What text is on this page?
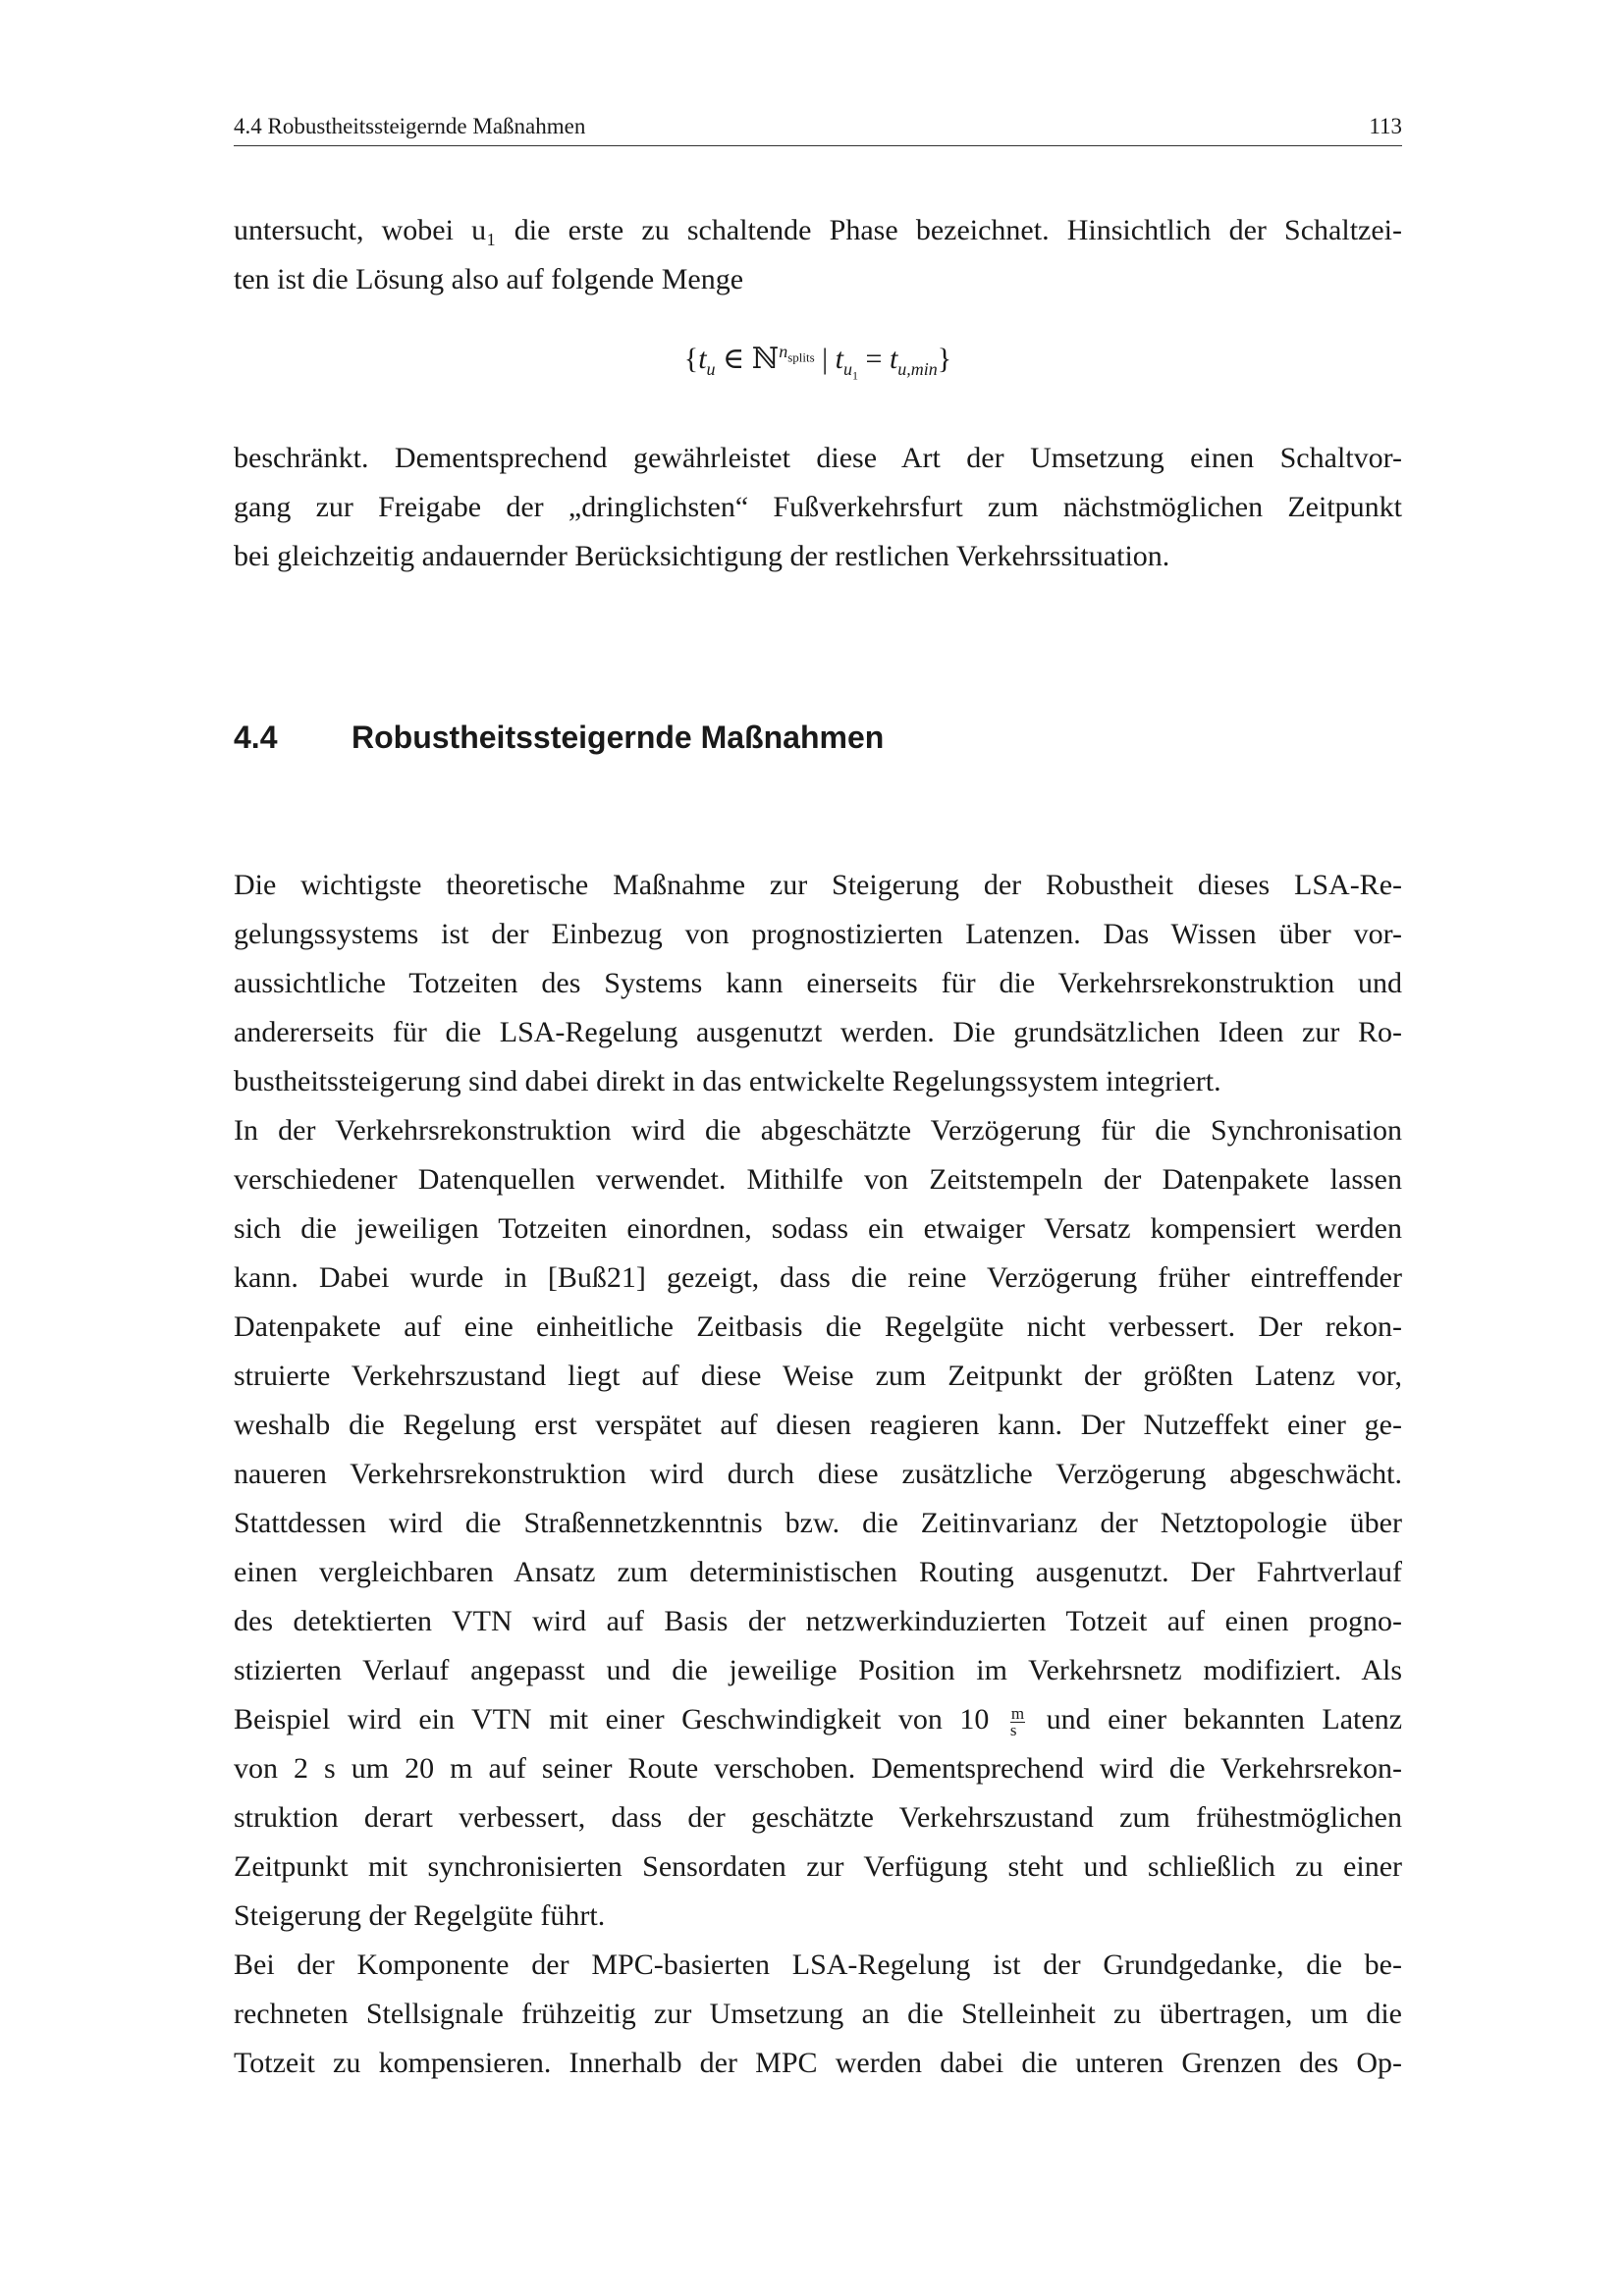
4.4 Robustheitssteigernde Maßnahmen	113
untersucht, wobei u₁ die erste zu schaltende Phase bezeichnet. Hinsichtlich der Schaltzei-
ten ist die Lösung also auf folgende Menge
{$t_u$ ∈ ℕ$^{n_{splits}}$ | $t_{u_1} = t_{u,min}$}
beschränkt. Dementsprechend gewährleistet diese Art der Umsetzung einen Schaltvor-
gang zur Freigabe der „dringlichsten“ Fußverkehrsfurt zum nächstmöglichen Zeitpunkt
bei gleichzeitig andauernder Berücksichtigung der restlichen Verkehrssituation.
4.4 Robustheitssteigernde Maßnahmen
Die wichtigste theoretische Maßnahme zur Steigerung der Robustheit dieses LSA-Re-
gelungssystems ist der Einbezug von prognostizierten Latenzen. Das Wissen über vor-
aussichtliche Totzeiten des Systems kann einerseits für die Verkehrsrekonstruktion und
andererseits für die LSA-Regelung ausgenutzt werden. Die grundsätzlichen Ideen zur Ro-
bustheitssteigerung sind dabei direkt in das entwickelte Regelungssystem integriert.
In der Verkehrsrekonstruktion wird die abgeschätzte Verzögerung für die Synchronisation
verschiedener Datenquellen verwendet. Mithilfe von Zeitstempeln der Datenpakete lassen
sich die jeweiligen Totzeiten einordnen, sodass ein etwaiger Versatz kompensiert werden
kann. Dabei wurde in [Buß21] gezeigt, dass die reine Verzögerung früher eintreffender
Datenpakete auf eine einheitliche Zeitbasis die Regelgüte nicht verbessert. Der rekon-
struierte Verkehrszustand liegt auf diese Weise zum Zeitpunkt der größten Latenz vor,
weshalb die Regelung erst verspätet auf diesen reagieren kann. Der Nutzeffekt einer ge-
naueren Verkehrsrekonstruktion wird durch diese zusätzliche Verzögerung abgeschwächt.
Stattdessen wird die Straßennetzkenntnis bzw. die Zeitinvarianz der Netztopologie über
einen vergleichbaren Ansatz zum deterministischen Routing ausgenutzt. Der Fahrtverlauf
des detektierten VTN wird auf Basis der netzwerkinduzierten Totzeit auf einen progno-
stizierten Verlauf angepasst und die jeweilige Position im Verkehrsnetz modifiziert. Als
Beispiel wird ein VTN mit einer Geschwindigkeit von $10 \frac{m}{s}$ und einer bekannten Latenz
von 2 s um 20 m auf seiner Route verschoben. Dementsprechend wird die Verkehrsrekon-
struktion derart verbessert, dass der geschätzte Verkehrszustand zum frühestmöglichen
Zeitpunkt mit synchronisierten Sensordaten zur Verfügung steht und schließlich zu einer
Steigerung der Regelgüte führt.
Bei der Komponente der MPC-basierten LSA-Regelung ist der Grundgedanke, die be-
rechneten Stellsignale frühzeitig zur Umsetzung an die Stelleinheit zu übertragen, um die
Totzeit zu kompensieren. Innerhalb der MPC werden dabei die unteren Grenzen des Op-
